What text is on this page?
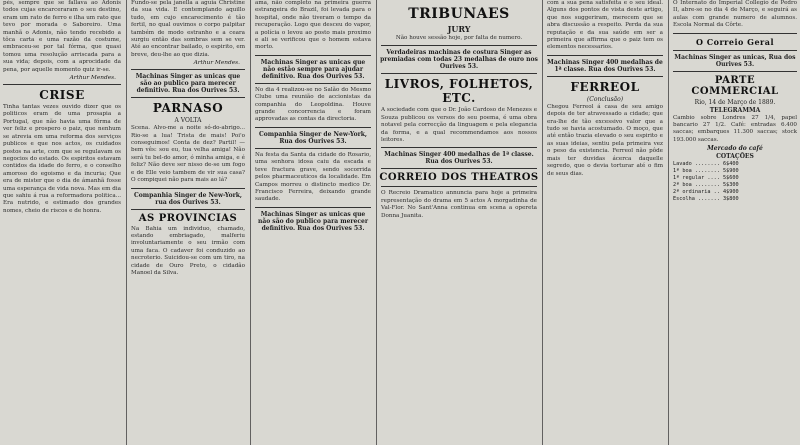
pés, sempre que se fallava ao Adonis todos cujas encarceraram o seu destino, eram um rato de ferro e ilha um rato que tevo por morada o Saboreiro. Uma manhã o Adonis, não tendo recebido a tôca carta e uma razão da costume, embraceu-se por tal fórma, que quasi tomou uma resolução arriscada para a sua vida; depois, com a aprocidade da pena, por aquelle momento quiz ir-se.

Arthur Mendes.

CRISE

Tinha tantas vezes ouvido dizer que os politicos eram de uma prosapia a Portugal, que não havia uma fórma de ver feliz e prospero o paiz, que nenhum se atrevia em uma reforma dos serviços publicos e que nos actos, os cuidados postos na arte, com que se regulavam os negocios do estado. Os espiritos estavam contidos da idade do ferro, e o conselho amoroso do egoismo e da incuria; Que era de mister que o dia de ámanhã fosse uma esperança de vida nova. Mas em dia que sahiu á rua a reformadora politica... Era nutrido, e estimado dos grandes nomes, cheio de riscos e de honra.

Fundo-se pela janella a aguia Christine da sua vida. E contemplando aquillo tudo, em cujo encarecimento é tão fertil, no qual ouvimos o corpo palpitar também de modo estranho e a ceara surgiu então das sombras sem se ver. Até ao encontrar bailado, o espirito, em breve, deu-lhe ao que dizia.

Arthur Mendes.

Machinas Singer as unicas que são ao publico para merecer definitivo. Rua dos Ourives 53.

PARNASO
A VOLTA

Scena. Alvo-me a noite só-do-abrigo... Rio-se a lua! Trista de mais! Poi'o conseguimos! Conta de dez? Partil! — bem vês: sou eu, tua velha amiga! Não será tu bel-do amor, ó minha amiga, e é feliz? Não deve ser nisso de-se um fogo e de Elle veio tambem de vir sua casa? O compiquei não para mais ao lá?

Companhia Singer de New-York, rua dos Ourives 53.

AS PROVINCIAS

Na Bahia um individuo, chamado, estando embriagado, malferiu involuntariamente o seu irmão com uma faca. O cadaver foi conduzido ao necroterio. Suicidou-se com um tiro, na cidade de Ouro Preto, o cidadão Manoel da Silva.

ama, não completo na primeira guerra estrangeira do Brazil, foi levada para o hospital, onde não tiveram o tempo da recuperação. Logo que desceu do vapor, a polícia o levou ao posto mais proximo e ali se verificou que o homem estava morto.

Machinas Singer as unicas que não estão sempre para ajudar definitivo. Rua dos Ourives 53.

No dia 4 realizou-se no Salão do Mesmo Clube uma reunião de accionistas da companhia do Leopoldina. Houve grande concorrencia e foram approvadas as contas da directoria.

Companhia Singer de New-York, Rua dos Ourives 53.

Na festa da Santa da cidade do Rosario, uma senhora idosa caiu da escada e teve fractura grave, sendo socorrida pelos pharmaceuticos da localidade. Em Campos morreu o distincto medico Dr. Francisco Ferreira, deixando grande saudade.

Machinas Singer as unicas que não são do publico para merecer definitivo. Rua dos Ourives 53.

TRIBUNAES
JURY

Não houve sessão hoje, por falta de numero.

Verdadeiras machinas de costura Singer as premiadas com todas 23 medalhas de ouro nos Ourives 53.

LIVROS, FOLHETOS, ETC.

A sociedade com que o Dr. João Cardoso de Menezes e Souza publicou os versos do seu poema, é uma obra notavel pela correcção da linguagem e pela elegancia da forma, e a qual recommendamos aos nossos leitores.

Machinas Singer 400 medalhas de 1ª classe. Rua dos Ourives 53.

CORREIO DOS THEATROS

O Recreio Dramatico annuncia para hoje a primeira representação do drama em 5 actos A morgadinha de Val-Flor. No Sant'Anna continua em scena a opereta Donna Juanita.

com a sua pena satisfeita e o seu ideal. Alguns dos pontos de vista deste artigo, que nos suggeriram, merecem que se abra discussão a respeito. Perda da sua reputação e da sua saúde em ser a primeira que affirma que o paiz tem os elementos necessarios.

Machinas Singer 400 medalhas de 1ª classe. Rua dos Ourives 53.

FERREOL
(Conclusão)

Chegou Ferreol á casa de seu amigo depois de ter atravessado a cidade; que era-lhe de tão excessivo valor que a tudo se havia acostumado. O moço, que até então trazia elevado o seu espirito e as suas ideias, sentiu pela primeira vez o peso da existencia. Ferreol não pôde mais ter duvidas ácerca daquelle segredo, que o devia torturar até o fim de seus dias.

O Internato do Imperial Collegio de Pedro II, abre-se no dia 4 de Março, e seguirá as aulas com grande numero de alumnos. Escola Normal da Côrte.

O Correio Geral

Machinas Singer as unicas, Rua dos Ourives 53.

PARTE COMMERCIAL
Rio, 14 de Março de 1889.
TELEGRAMMA

Cambio sobre Londres 27 1/4, papel bancario 27 1/2. Café: entradas 6.400 saccas; embarques 11.300 saccas; stock 193.000 saccas.

Mercado do café
COTAÇÕES
Lavado ........ 6$400
1ª boa ........ 5$900
1ª regular .... 5$600
2ª boa ........ 5$300
2ª ordinaria .. 4$900
Escolha ....... 3$800
